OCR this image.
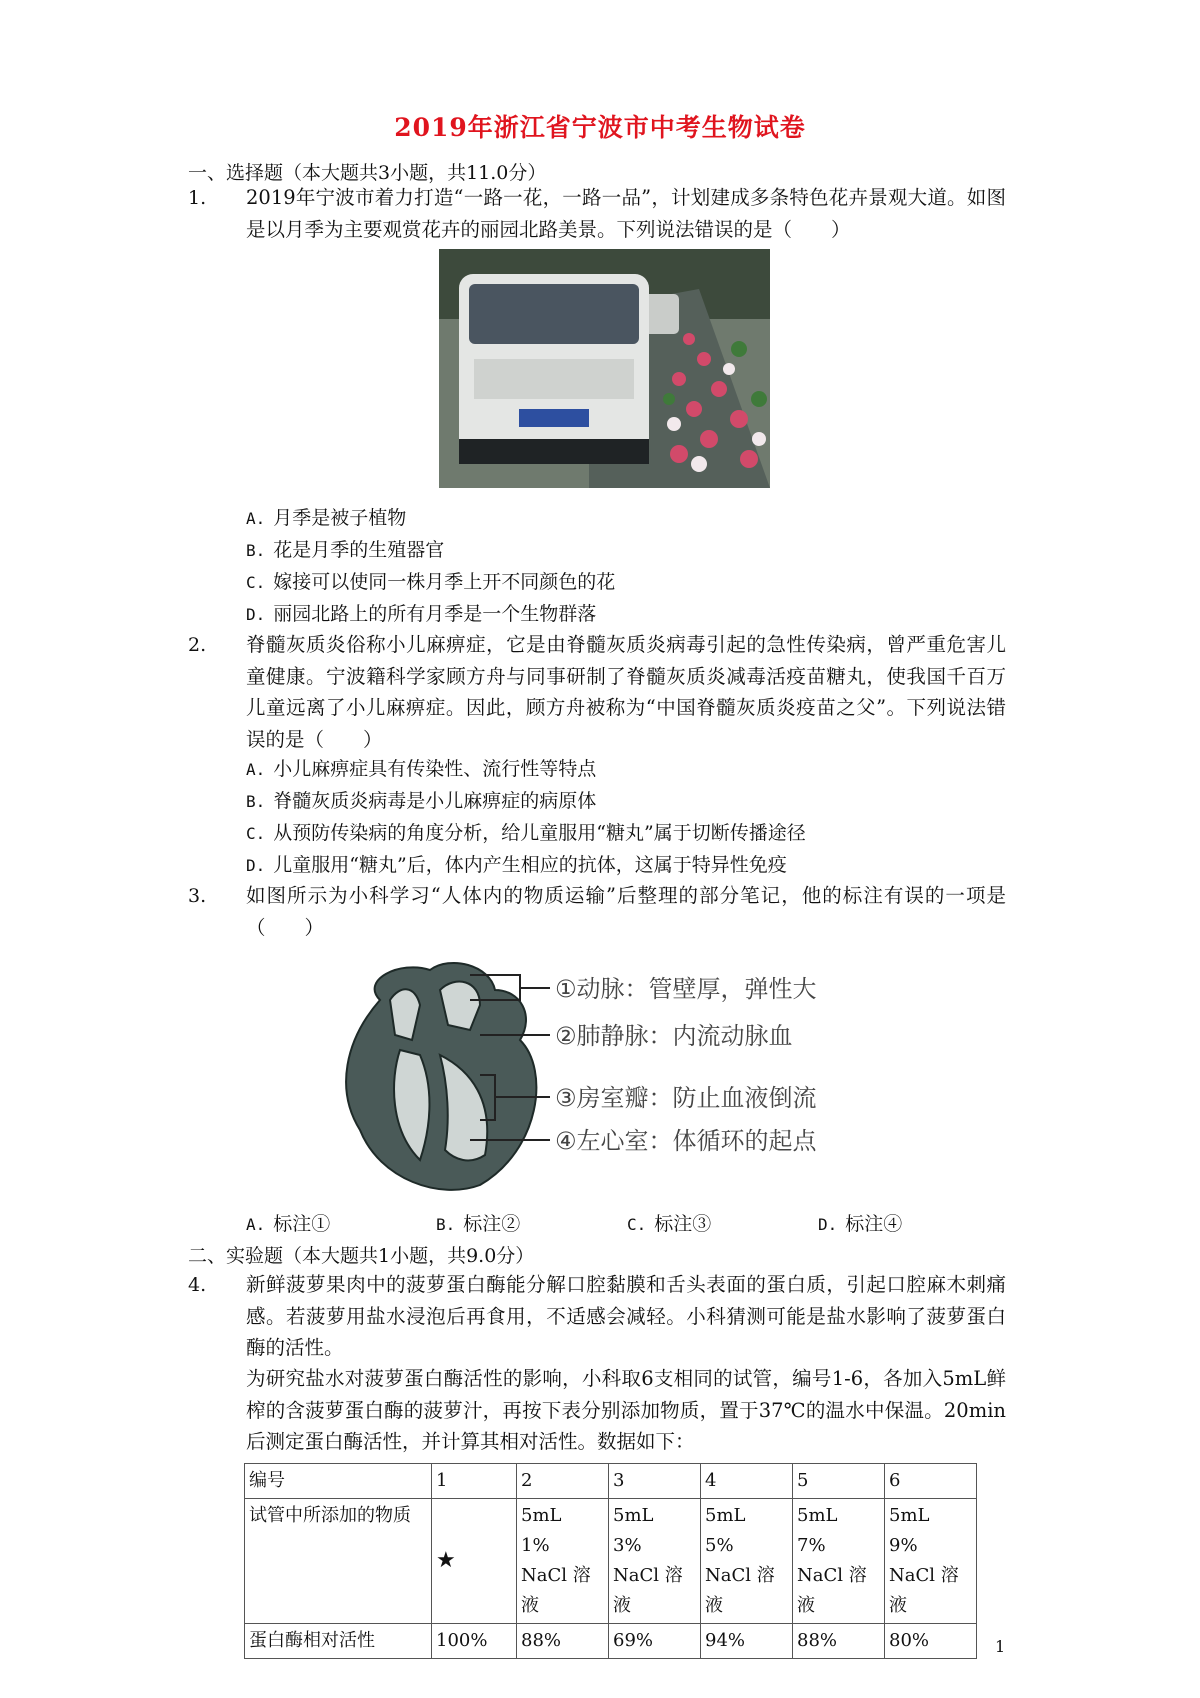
2019年浙江省宁波市中考生物试卷
一、选择题（本大题共3小题，共11.0分）
1. 2019年宁波市着力打造“一路一花，一路一品”，计划建成多条特色花卉景观大道。如图是以月季为主要观赏花卉的丽园北路美景。下列说法错误的是（　　）
A. 月季是被子植物
B. 花是月季的生殖器官
C. 嫁接可以使同一株月季上开不同颜色的花
D. 丽园北路上的所有月季是一个生物群落
2. 脊髓灰质炎俗称小儿麻痹症，它是由脊髓灰质炎病毒引起的急性传染病，曾严重危害儿童健康。宁波籍科学家顾方舟与同事研制了脊髓灰质炎减毒活疫苗糖丸，使我国千百万儿童远离了小儿麻痹症。因此，顾方舟被称为“中国脊髓灰质炎疫苗之父”。下列说法错误的是（　　）
A. 小儿麻痹症具有传染性、流行性等特点
B. 脊髓灰质炎病毒是小儿麻痹症的病原体
C. 从预防传染病的角度分析，给儿童服用“糖丸”属于切断传播途径
D. 儿童服用“糖丸”后，体内产生相应的抗体，这属于特异性免疫
3. 如图所示为小科学习“人体内的物质运输”后整理的部分笔记，他的标注有误的一项是（　　）
①动脉：管壁厚，弹性大
②肺静脉：内流动脉血
③房室瓣：防止血液倒流
④左心室：体循环的起点
A. 标注①	B. 标注②	C. 标注③	D. 标注④
二、实验题（本大题共1小题，共9.0分）
4. 新鲜菠萝果肉中的菠萝蛋白酶能分解口腔黏膜和舌头表面的蛋白质，引起口腔麻木刺痛感。若菠萝用盐水浸泡后再食用，不适感会减轻。小科猜测可能是盐水影响了菠萝蛋白酶的活性。
为研究盐水对菠萝蛋白酶活性的影响，小科取6支相同的试管，编号1-6，各加入5mL鲜榨的含菠萝蛋白酶的菠萝汁，再按下表分别添加物质，置于37℃的温水中保温。20min后测定蛋白酶活性，并计算其相对活性。数据如下：
编号	1	2	3	4	5	6
试管中所添加的物质	★	5mL　1%　NaCl 溶液	5mL　3%　NaCl 溶液	5mL　5%　NaCl 溶液	5mL　7%　NaCl 溶液	5mL　9%　NaCl 溶液
蛋白酶相对活性	100%	88%	69%	94%	88%	80%	1
